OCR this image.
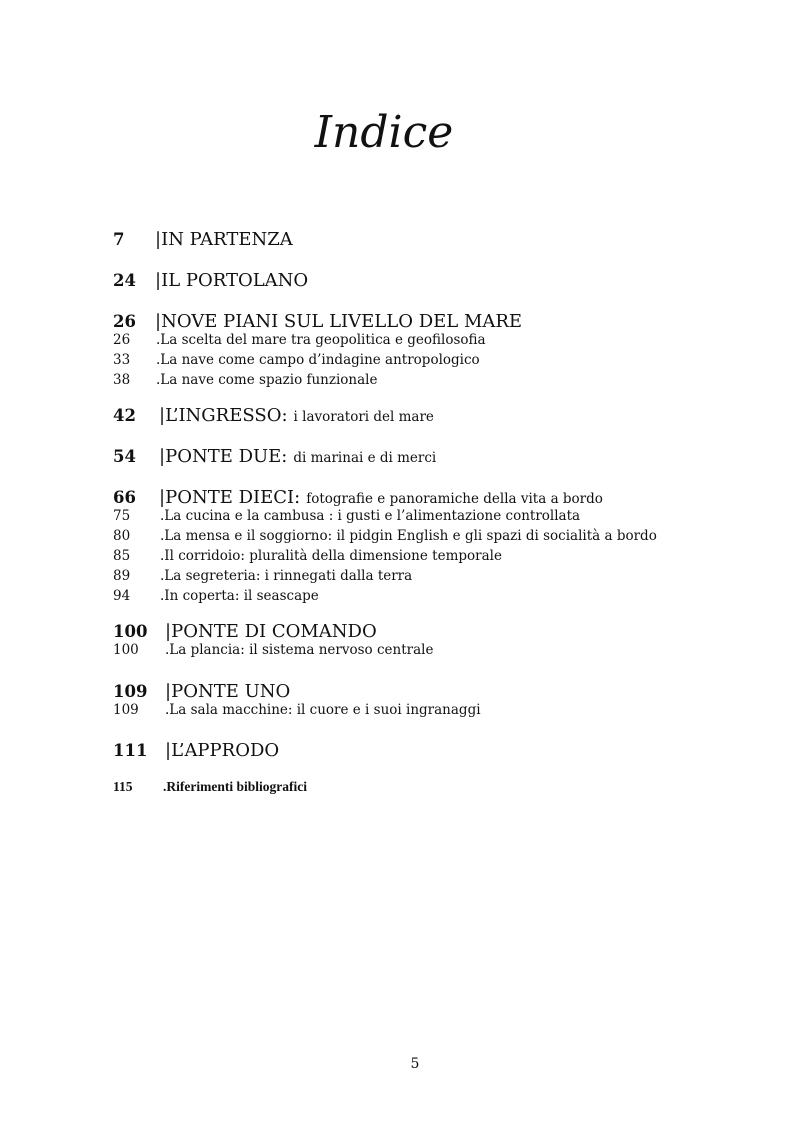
Indice
7 |IN PARTENZA
24 |IL PORTOLANO
26 |NOVE PIANI SUL LIVELLO DEL MARE
26 .La scelta del mare tra geopolitica e geofilosofia
33 .La nave come campo d’indagine antropologico
38 .La nave come spazio funzionale
42 |L’INGRESSO: i lavoratori del mare
54 |PONTE DUE: di marinai e di merci
66 |PONTE DIECI: fotografie e panoramiche della vita a bordo
75 .La cucina e la cambusa : i gusti e l’alimentazione controllata
80 .La mensa e il soggiorno: il pidgin English e gli spazi di socialità a bordo
85 .Il corridoio: pluralità della dimensione temporale
89 .La segreteria: i rinnegati dalla terra
94 .In coperta: il seascape
100 |PONTE DI COMANDO
100 .La plancia: il sistema nervoso centrale
109 |PONTE UNO
109 .La sala macchine: il cuore e i suoi ingranaggi
111 |L’APPRODO
115 .Riferimenti bibliografici
5
